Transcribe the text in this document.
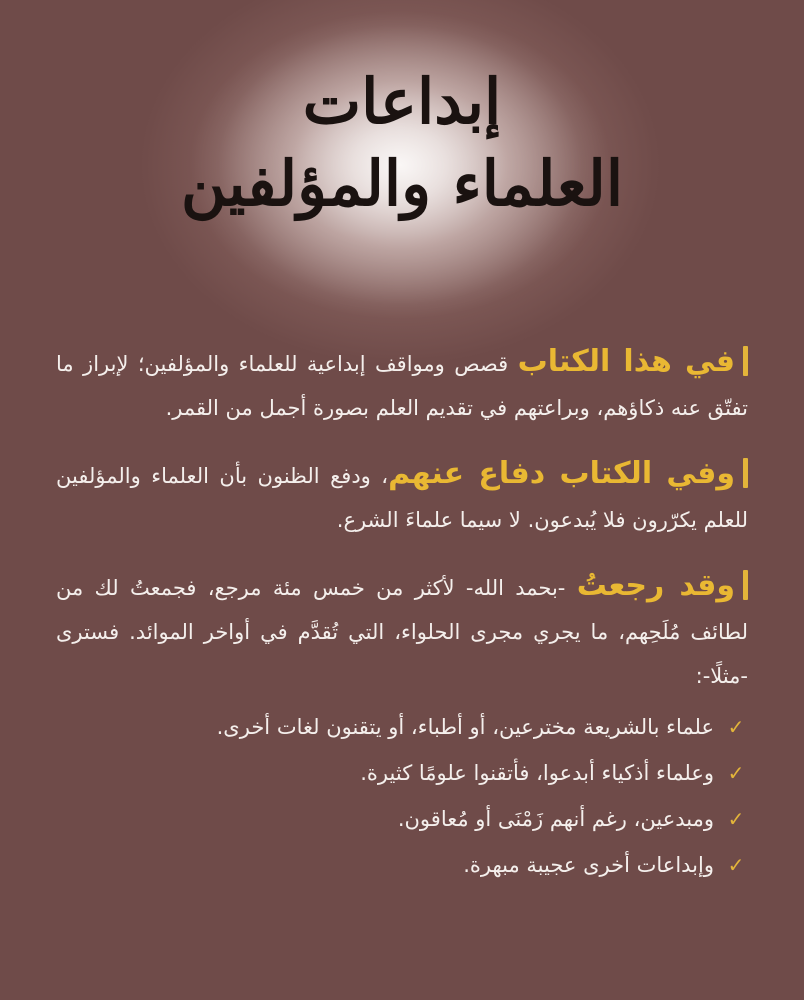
إبداعات
العلماء والمؤلفين

في هذا الكتاب قصص ومواقف إبداعية للعلماء والمؤلفين؛ لإبراز ما تفتّق عنه ذكاؤهم، وبراعتهم في تقديم العلم بصورة أجمل من القمر.

وفي الكتاب دفاع عنهم، ودفع الظنون بأن العلماء والمؤلفين للعلم يكرّرون فلا يُبدعون. لا سيما علماءَ الشرع.

وقد رجعتُ -بحمد الله- لأكثر من خمس مئة مرجع، فجمعتُ لك من لطائف مُلَحِهم، ما يجري مجرى الحلواء، التي تُقدَّم في أواخر الموائد. فسترى -مثلًا-:

✓
علماء بالشريعة مخترعين، أو أطباء، أو يتقنون لغات أخرى.
✓
وعلماء أذكياء أبدعوا، فأتقنوا علومًا كثيرة.
✓
ومبدعين، رغم أنهم زَمْنَى أو مُعاقون.
✓
وإبداعات أخرى عجيبة مبهرة.
